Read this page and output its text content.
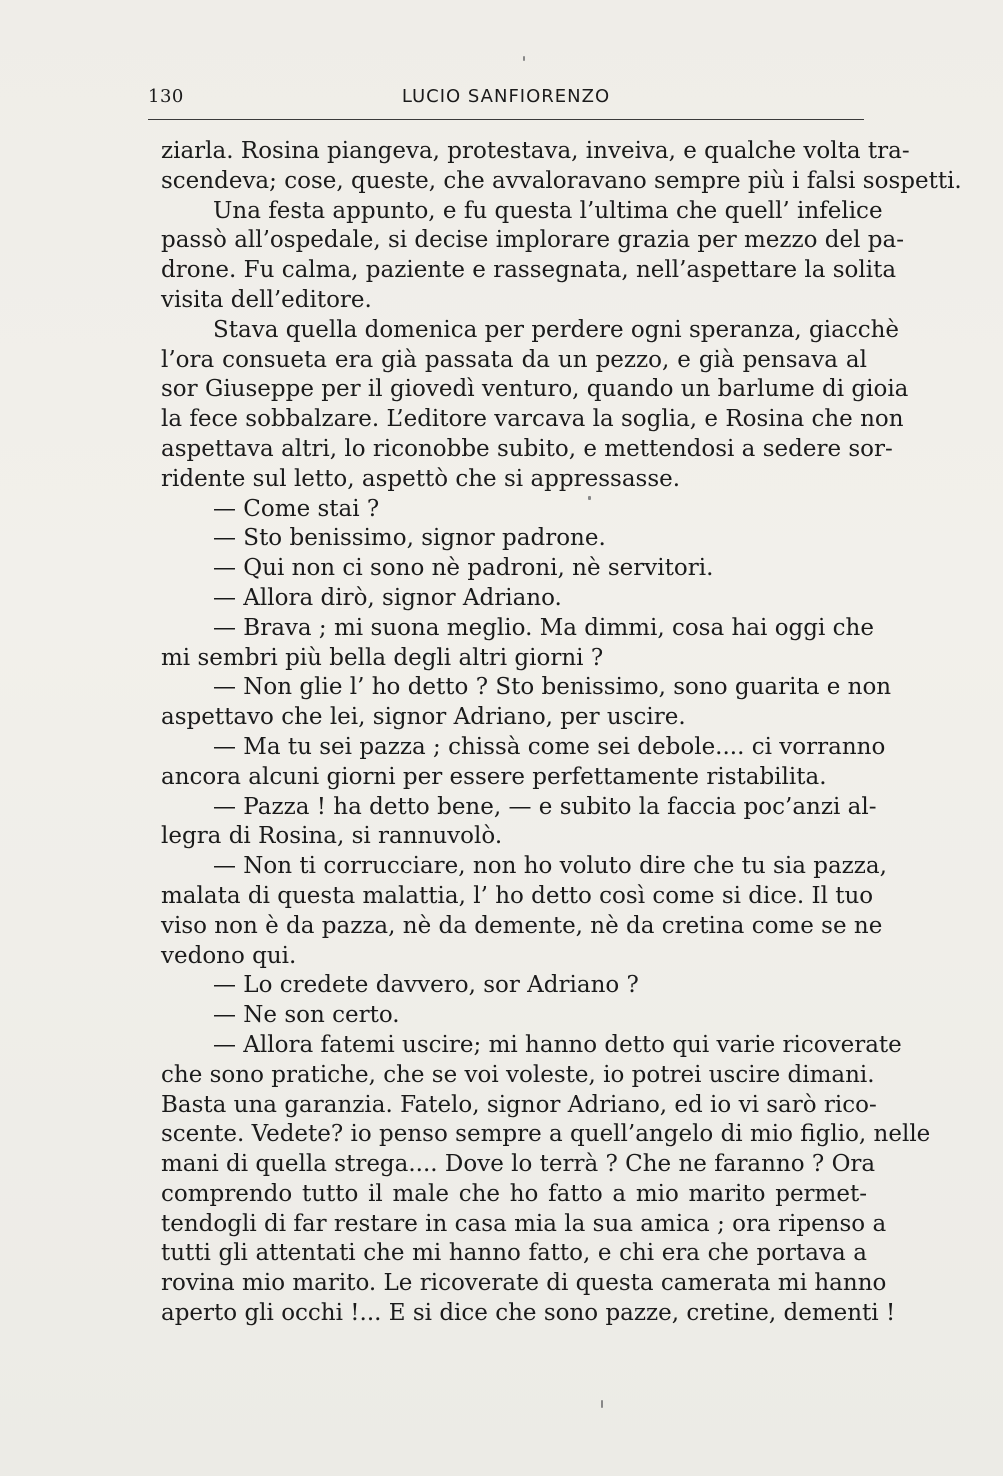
130	LUCIO SANFIORENZO
ziarla. Rosina piangeva, protestava, inveiva, e qualche volta tra-
scendeva; cose, queste, che avvaloravano sempre più i falsi sospetti.
Una festa appunto, e fu questa l’ultima che quell’ infelice
passò all’ospedale, si decise implorare grazia per mezzo del pa-
drone. Fu calma, paziente e rassegnata, nell’aspettare la solita
visita dell’editore.
Stava quella domenica per perdere ogni speranza, giacchè
l’ora consueta era già passata da un pezzo, e già pensava al
sor Giuseppe per il giovedì venturo, quando un barlume di gioia
la fece sobbalzare. L’editore varcava la soglia, e Rosina che non
aspettava altri, lo riconobbe subito, e mettendosi a sedere sor-
ridente sul letto, aspettò che si appressasse.
— Come stai ?
— Sto benissimo, signor padrone.
— Qui non ci sono nè padroni, nè servitori.
— Allora dirò, signor Adriano.
— Brava ; mi suona meglio. Ma dimmi, cosa hai oggi che
mi sembri più bella degli altri giorni ?
— Non glie l’ ho detto ? Sto benissimo, sono guarita e non
aspettavo che lei, signor Adriano, per uscire.
— Ma tu sei pazza ; chissà come sei debole.... ci vorranno
ancora alcuni giorni per essere perfettamente ristabilita.
— Pazza ! ha detto bene, — e subito la faccia poc’anzi al-
legra di Rosina, si rannuvolò.
— Non ti corrucciare, non ho voluto dire che tu sia pazza,
malata di questa malattia, l’ ho detto così come si dice. Il tuo
viso non è da pazza, nè da demente, nè da cretina come se ne
vedono qui.
— Lo credete davvero, sor Adriano ?
— Ne son certo.
— Allora fatemi uscire; mi hanno detto qui varie ricoverate
che sono pratiche, che se voi voleste, io potrei uscire dimani.
Basta una garanzia. Fatelo, signor Adriano, ed io vi sarò rico-
scente. Vedete? io penso sempre a quell’angelo di mio figlio, nelle
mani di quella strega.... Dove lo terrà ? Che ne faranno ? Ora
comprendo tutto il male che ho fatto a mio marito permet-
tendogli di far restare in casa mia la sua amica ; ora ripenso a
tutti gli attentati che mi hanno fatto, e chi era che portava a
rovina mio marito. Le ricoverate di questa camerata mi hanno
aperto gli occhi !... E si dice che sono pazze, cretine, dementi !
